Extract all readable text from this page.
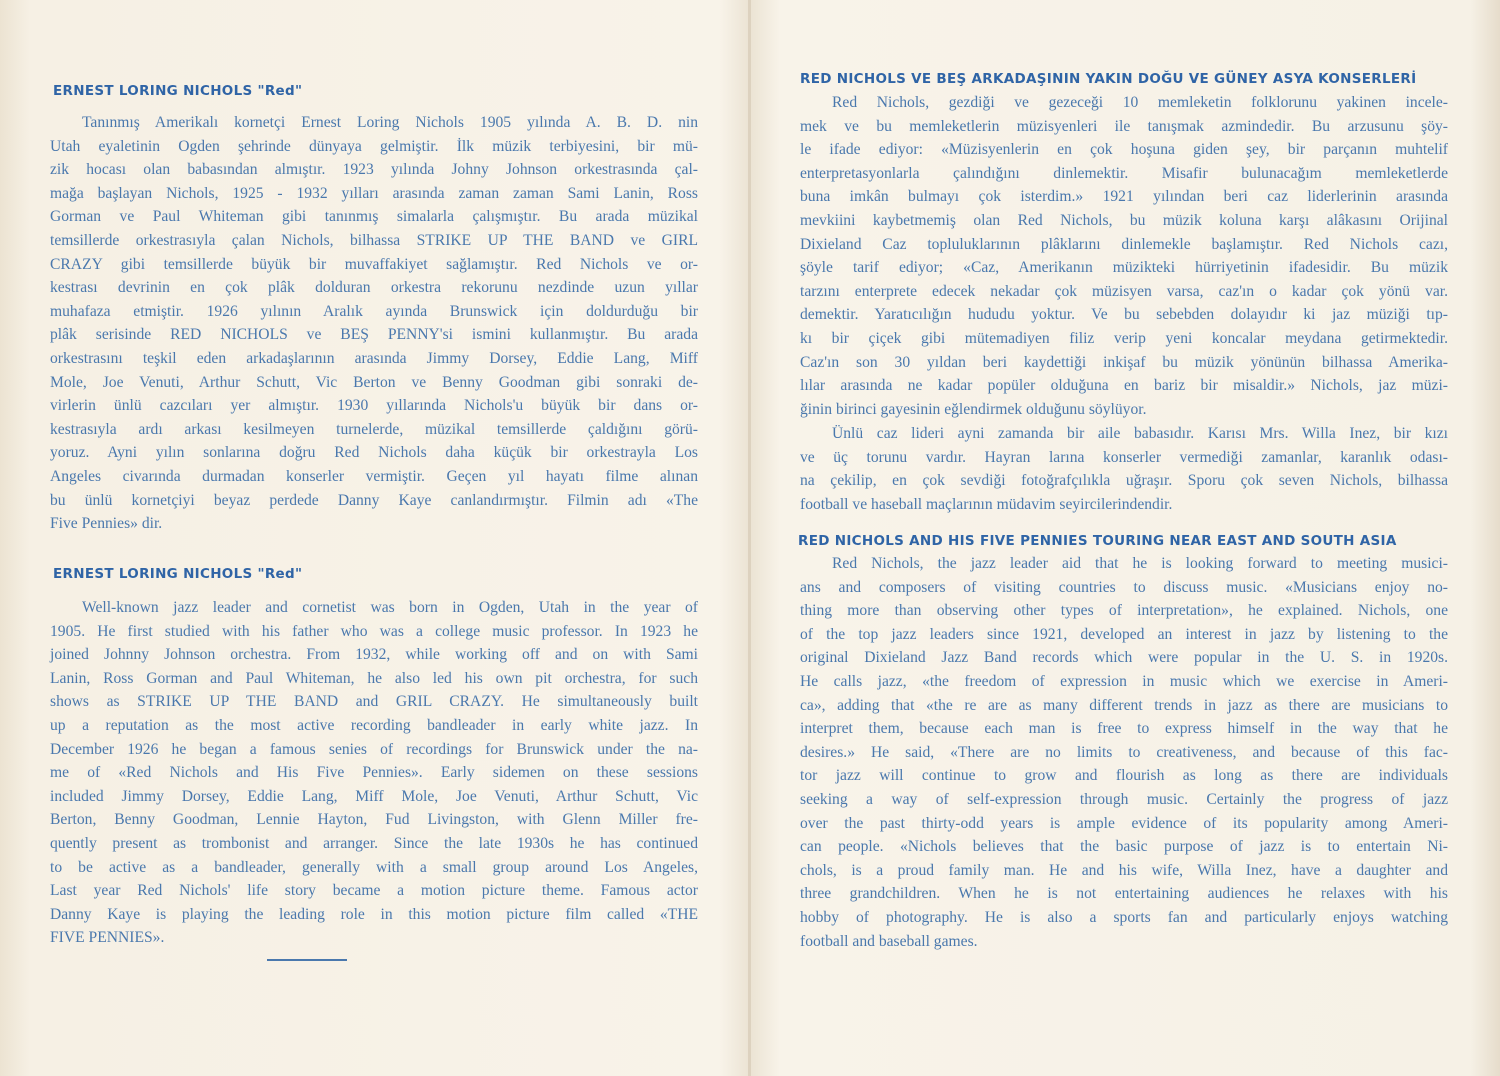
ERNEST LORING NICHOLS "Red"
Tanınmış Amerikalı kornetçi Ernest Loring Nichols 1905 yılında A. B. D. nin
Utah eyaletinin Ogden şehrinde dünyaya gelmiştir. İlk müzik terbiyesini, bir mü-
zik hocası olan babasından almıştır. 1923 yılında Johny Johnson orkestrasında çal-
mağa başlayan Nichols, 1925 - 1932 yılları arasında zaman zaman Sami Lanin, Ross
Gorman ve Paul Whiteman gibi tanınmış simalarla çalışmıştır. Bu arada müzikal
temsillerde orkestrasıyla çalan Nichols, bilhassa STRIKE UP THE BAND ve GIRL
CRAZY gibi temsillerde büyük bir muvaffakiyet sağlamıştır. Red Nichols ve or-
kestrası devrinin en çok plâk dolduran orkestra rekorunu nezdinde uzun yıllar
muhafaza etmiştir. 1926 yılının Aralık ayında Brunswick için doldurduğu bir
plâk serisinde RED NICHOLS ve BEŞ PENNY'si ismini kullanmıştır. Bu arada
orkestrasını teşkil eden arkadaşlarının arasında Jimmy Dorsey, Eddie Lang, Miff
Mole, Joe Venuti, Arthur Schutt, Vic Berton ve Benny Goodman gibi sonraki de-
virlerin ünlü cazcıları yer almıştır. 1930 yıllarında Nichols'u büyük bir dans or-
kestrasıyla ardı arkası kesilmeyen turnelerde, müzikal temsillerde çaldığını görü-
yoruz. Ayni yılın sonlarına doğru Red Nichols daha küçük bir orkestrayla Los
Angeles civarında durmadan konserler vermiştir. Geçen yıl hayatı filme alınan
bu ünlü kornetçiyi beyaz perdede Danny Kaye canlandırmıştır. Filmin adı «The
Five Pennies» dir.
ERNEST LORING NICHOLS "Red"
Well-known jazz leader and cornetist was born in Ogden, Utah in the year of
1905. He first studied with his father who was a college music professor. In 1923 he
joined Johnny Johnson orchestra. From 1932, while working off and on with Sami
Lanin, Ross Gorman and Paul Whiteman, he also led his own pit orchestra, for such
shows as STRIKE UP THE BAND and GRIL CRAZY. He simultaneously built
up a reputation as the most active recording bandleader in early white jazz. In
December 1926 he began a famous senies of recordings for Brunswick under the na-
me of «Red Nichols and His Five Pennies». Early sidemen on these sessions
included Jimmy Dorsey, Eddie Lang, Miff Mole, Joe Venuti, Arthur Schutt, Vic
Berton, Benny Goodman, Lennie Hayton, Fud Livingston, with Glenn Miller fre-
quently present as trombonist and arranger. Since the late 1930s he has continued
to be active as a bandleader, generally with a small group around Los Angeles,
Last year Red Nichols' life story became a motion picture theme. Famous actor
Danny Kaye is playing the leading role in this motion picture film called «THE
FIVE PENNIES».
RED NICHOLS VE BEŞ ARKADAŞININ YAKIN DOĞU VE GÜNEY ASYA KONSERLERİ
Red Nichols, gezdiği ve gezeceği 10 memleketin folklorunu yakinen incele-
mek ve bu memleketlerin müzisyenleri ile tanışmak azmindedir. Bu arzusunu şöy-
le ifade ediyor: «Müzisyenlerin en çok hoşuna giden şey, bir parçanın muhtelif
enterpretasyonlarla çalındığını dinlemektir. Misafir bulunacağım memleketlerde
buna imkân bulmayı çok isterdim.» 1921 yılından beri caz liderlerinin arasında
mevkiini kaybetmemiş olan Red Nichols, bu müzik koluna karşı alâkasını Orijinal
Dixieland Caz topluluklarının plâklarını dinlemekle başlamıştır. Red Nichols cazı,
şöyle tarif ediyor; «Caz, Amerikanın müzikteki hürriyetinin ifadesidir. Bu müzik
tarzını enterprete edecek nekadar çok müzisyen varsa, caz'ın o kadar çok yönü var.
demektir. Yaratıcılığın hududu yoktur. Ve bu sebebden dolayıdır ki jaz müziği tıp-
kı bir çiçek gibi mütemadiyen filiz verip yeni koncalar meydana getirmektedir.
Caz'ın son 30 yıldan beri kaydettiği inkişaf bu müzik yönünün bilhassa Amerika-
lılar arasında ne kadar popüler olduğuna en bariz bir misaldir.» Nichols, jaz müzi-
ğinin birinci gayesinin eğlendirmek olduğunu söylüyor.
Ünlü caz lideri ayni zamanda bir aile babasıdır. Karısı Mrs. Willa Inez, bir kızı
ve üç torunu vardır. Hayran larına konserler vermediği zamanlar, karanlık odası-
na çekilip, en çok sevdiği fotoğrafçılıkla uğraşır. Sporu çok seven Nichols, bilhassa
football ve haseball maçlarının müdavim seyircilerindendir.
RED NICHOLS AND HIS FIVE PENNIES TOURING NEAR EAST AND SOUTH ASIA
Red Nichols, the jazz leader aid that he is looking forward to meeting musici-
ans and composers of visiting countries to discuss music. «Musicians enjoy no-
thing more than observing other types of interpretation», he explained. Nichols, one
of the top jazz leaders since 1921, developed an interest in jazz by listening to the
original Dixieland Jazz Band records which were popular in the U. S. in 1920s.
He calls jazz, «the freedom of expression in music which we exercise in Ameri-
ca», adding that «the re are as many different trends in jazz as there are musicians to
interpret them, because each man is free to express himself in the way that he
desires.» He said, «There are no limits to creativeness, and because of this fac-
tor jazz will continue to grow and flourish as long as there are individuals
seeking a way of self-expression through music. Certainly the progress of jazz
over the past thirty-odd years is ample evidence of its popularity among Ameri-
can people. «Nichols believes that the basic purpose of jazz is to entertain Ni-
chols, is a proud family man. He and his wife, Willa Inez, have a daughter and
three grandchildren. When he is not entertaining audiences he relaxes with his
hobby of photography. He is also a sports fan and particularly enjoys watching
football and baseball games.
